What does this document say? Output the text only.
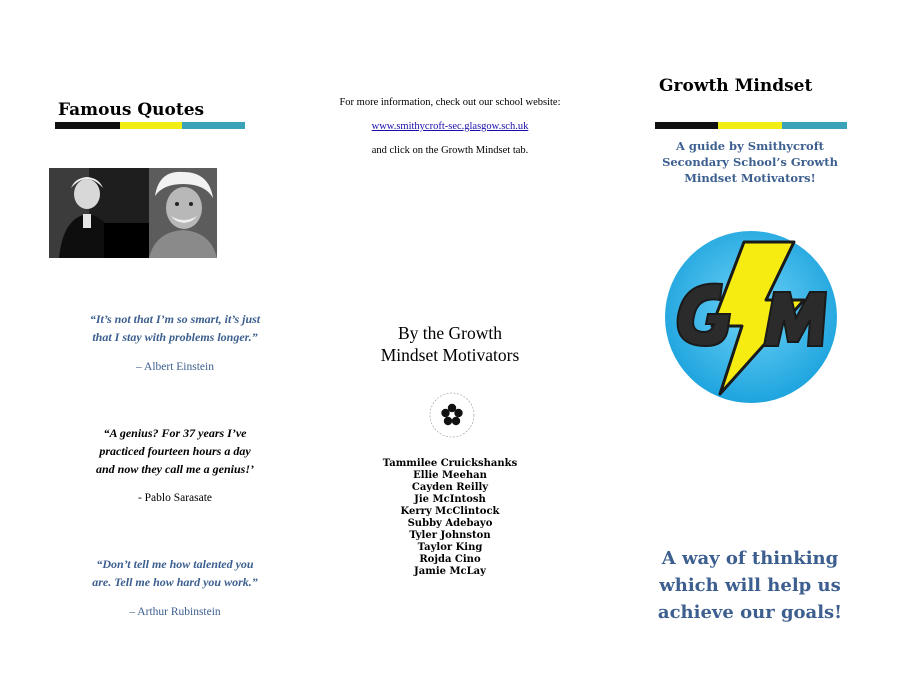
Famous Quotes
“It’s not that I’m so smart, it’s just
that I stay with problems longer.”
– Albert Einstein
“A genius? For 37 years I’ve
practiced fourteen hours a day
and now they call me a genius!’
- Pablo Sarasate
“Don’t tell me how talented you
are. Tell me how hard you work.”
– Arthur Rubinstein
For more information, check out our school website:
www.smithycroft-sec.glasgow.sch.uk
and click on the Growth Mindset tab.
By the Growth
Mindset Motivators
Tammilee Cruickshanks
Ellie Meehan
Cayden Reilly
Jie McIntosh
Kerry McClintock
Subby Adebayo
Tyler Johnston
Taylor King
Rojda Cino
Jamie McLay
Growth Mindset
A guide by Smithycroft
Secondary School’s Growth
Mindset Motivators!
A way of thinking
which will help us
achieve our goals!
